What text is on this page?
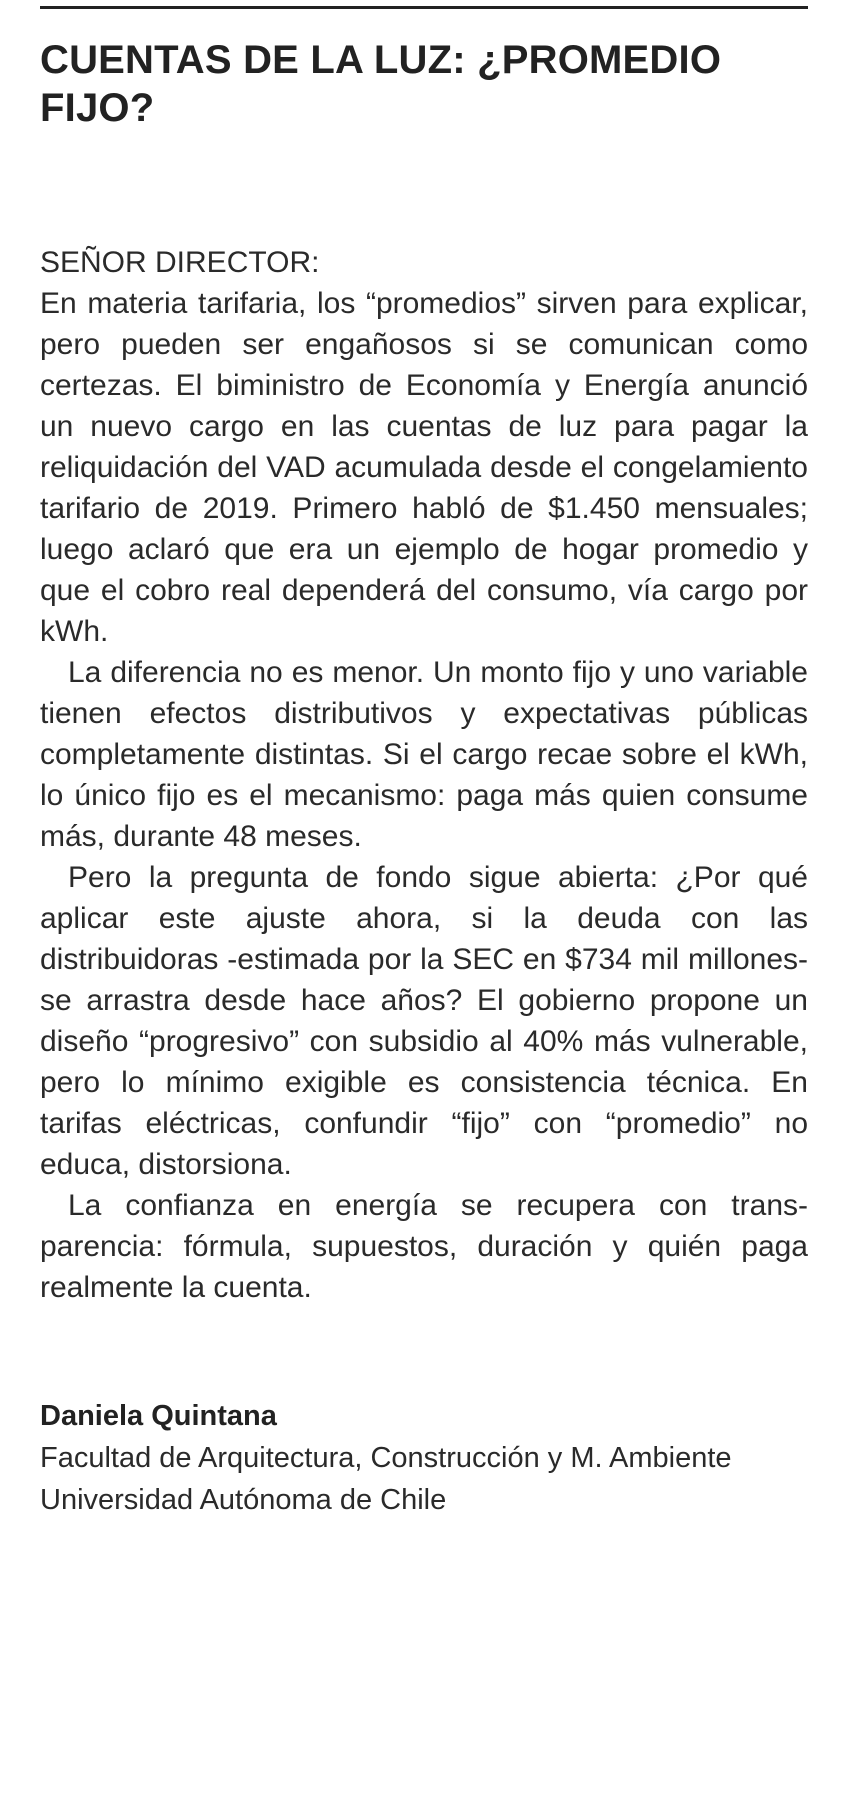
CUENTAS DE LA LUZ: ¿PROMEDIO FIJO?

SEÑOR DIRECTOR:

En materia tarifaria, los “promedios” sirven para explicar, pero pueden ser engañosos si se comunican como certezas. El biministro de Economía y Energía anunció un nuevo cargo en las cuentas de luz para pagar la reliquidación del VAD acumulada desde el congelamiento tarifario de 2019. Primero habló de $1.450 mensuales; luego aclaró que era un ejemplo de hogar promedio y que el cobro real dependerá del consumo, vía cargo por kWh.

La diferencia no es menor. Un monto fijo y uno variable tienen efectos distributivos y expectativas públicas completamente distintas. Si el cargo recae sobre el kWh, lo único fijo es el mecanismo: paga más quien consume más, durante 48 meses.

Pero la pregunta de fondo sigue abierta: ¿Por qué aplicar este ajuste ahora, si la deuda con las distribuidoras -estimada por la SEC en $734 mil millones- se arrastra desde hace años? El gobierno propone un diseño “progresivo” con subsidio al 40% más vulnerable, pero lo mínimo exigible es consistencia técnica. En tarifas eléctricas, confundir “fijo” con “promedio” no educa, distorsiona.

La confianza en energía se recupera con transparencia: fórmula, supuestos, duración y quién paga realmente la cuenta.

Daniela Quintana

Facultad de Arquitectura, Construcción y M. Ambiente

Universidad Autónoma de Chile
